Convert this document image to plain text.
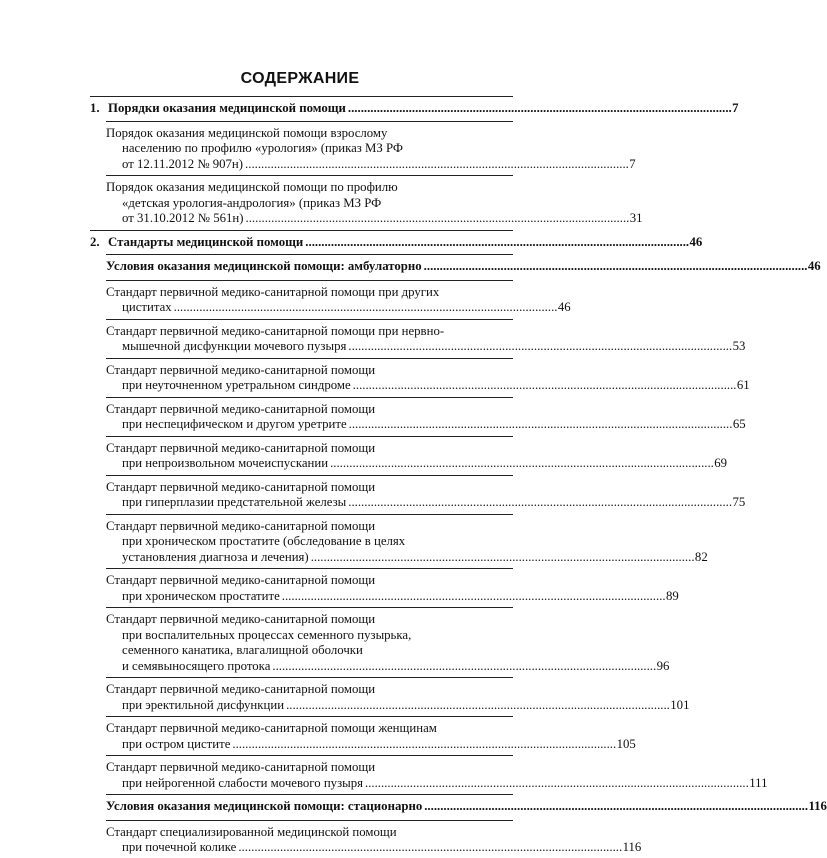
СОДЕРЖАНИЕ
1. Порядки оказания медицинской помощи . . .	7
Порядок оказания медицинской помощи взрослому
населению по профилю «урология» (приказ МЗ РФ
от 12.11.2012 № 907н) . . .	7
Порядок оказания медицинской помощи по профилю
«детская урология-андрология» (приказ МЗ РФ
от 31.10.2012 № 561н) . . .	31
2. Стандарты медицинской помощи . . .	46
Условия оказания медицинской помощи: амбулаторно . . .	46
Стандарт первичной медико-санитарной помощи при других
циститах . . .	46
Стандарт первичной медико-санитарной помощи при нервно-
мышечной дисфункции мочевого пузыря . . .	53
Стандарт первичной медико-санитарной помощи
при неуточненном уретральном синдроме . . .	61
Стандарт первичной медико-санитарной помощи
при неспецифическом и другом уретрите . . .	65
Стандарт первичной медико-санитарной помощи
при непроизвольном мочеиспускании . . .	69
Стандарт первичной медико-санитарной помощи
при гиперплазии предстательной железы . . .	75
Стандарт первичной медико-санитарной помощи
при хроническом простатите (обследование в целях
установления диагноза и лечения) . . .	82
Стандарт первичной медико-санитарной помощи
при хроническом простатите . . .	89
Стандарт первичной медико-санитарной помощи
при воспалительных процессах семенного пузырька,
семенного канатика, влагалищной оболочки
и семявыносящего протока . . .	96
Стандарт первичной медико-санитарной помощи
при эректильной дисфункции . . .	101
Стандарт первичной медико-санитарной помощи женщинам
при остром цистите . . .	105
Стандарт первичной медико-санитарной помощи
при нейрогенной слабости мочевого пузыря . . .	111
Условия оказания медицинской помощи: стационарно . . .	116
Стандарт специализированной медицинской помощи
при почечной колике . . .	116
